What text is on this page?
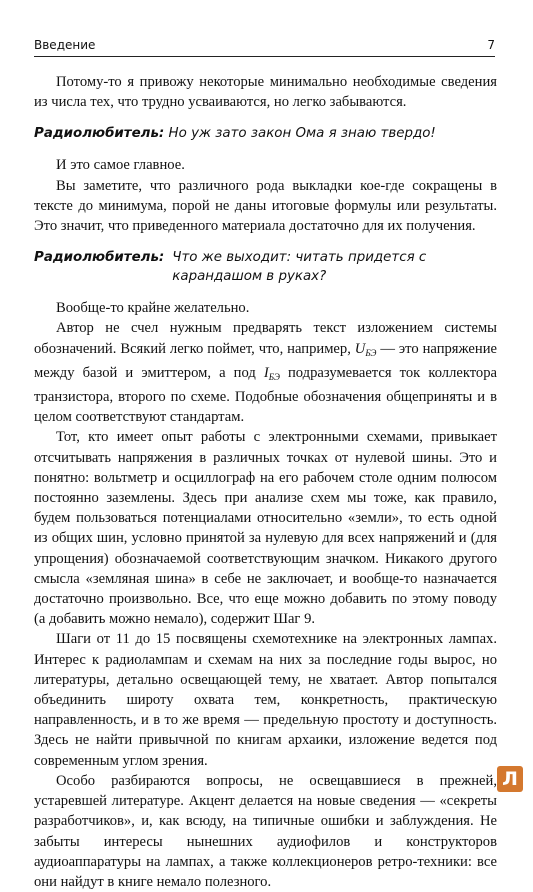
Введение	7

Потому-то я привожу некоторые минимально необходимые сведения из числа тех, что трудно усваиваются, но легко забываются.

Радиолюбитель: Но уж зато закон Ома я знаю твердо!

И это самое главное.

Вы заметите, что различного рода выкладки кое-где сокращены в тексте до минимума, порой не даны итоговые формулы или результаты. Это значит, что приведенного материала достаточно для их получения.

Радиолюбитель: Что же выходит: читать придется с карандашом в руках?

Вообще-то крайне желательно.

Автор не счел нужным предварять текст изложением системы обозначений. Всякий легко поймет, что, например, $U_{БЭ}$ — это напряжение между базой и эмиттером, а под $I_{БЭ}$ подразумевается ток коллектора транзистора, второго по схеме. Подобные обозначения общеприняты и в целом соответствуют стандартам.

Тот, кто имеет опыт работы с электронными схемами, привыкает отсчитывать напряжения в различных точках от нулевой шины. Это и понятно: вольтметр и осциллограф на его рабочем столе одним полюсом постоянно заземлены. Здесь при анализе схем мы тоже, как правило, будем пользоваться потенциалами относительно «земли», то есть одной из общих шин, условно принятой за нулевую для всех напряжений и (для упрощения) обозначаемой соответствующим значком. Никакого другого смысла «земляная шина» в себе не заключает, и вообще-то назначается достаточно произвольно. Все, что еще можно добавить по этому поводу (а добавить можно немало), содержит Шаг 9.

Шаги от 11 до 15 посвящены схемотехнике на электронных лампах. Интерес к радиолампам и схемам на них за последние годы вырос, но литературы, детально освещающей тему, не хватает. Автор попытался объединить широту охвата тем, конкретность, практическую направленность, и в то же время — предельную простоту и доступность. Здесь не найти привычной по книгам архаики, изложение ведется под современным углом зрения.

Особо разбираются вопросы, не освещавшиеся в прежней, устаревшей литературе. Акцент делается на новые сведения — «секреты разработчиков», и, как всюду, на типичные ошибки и заблуждения. Не забыты интересы нынешних аудиофилов и конструкторов аудиоаппаратуры на лампах, а также коллекционеров ретро-техники: все они найдут в книге немало полезного.

Л
